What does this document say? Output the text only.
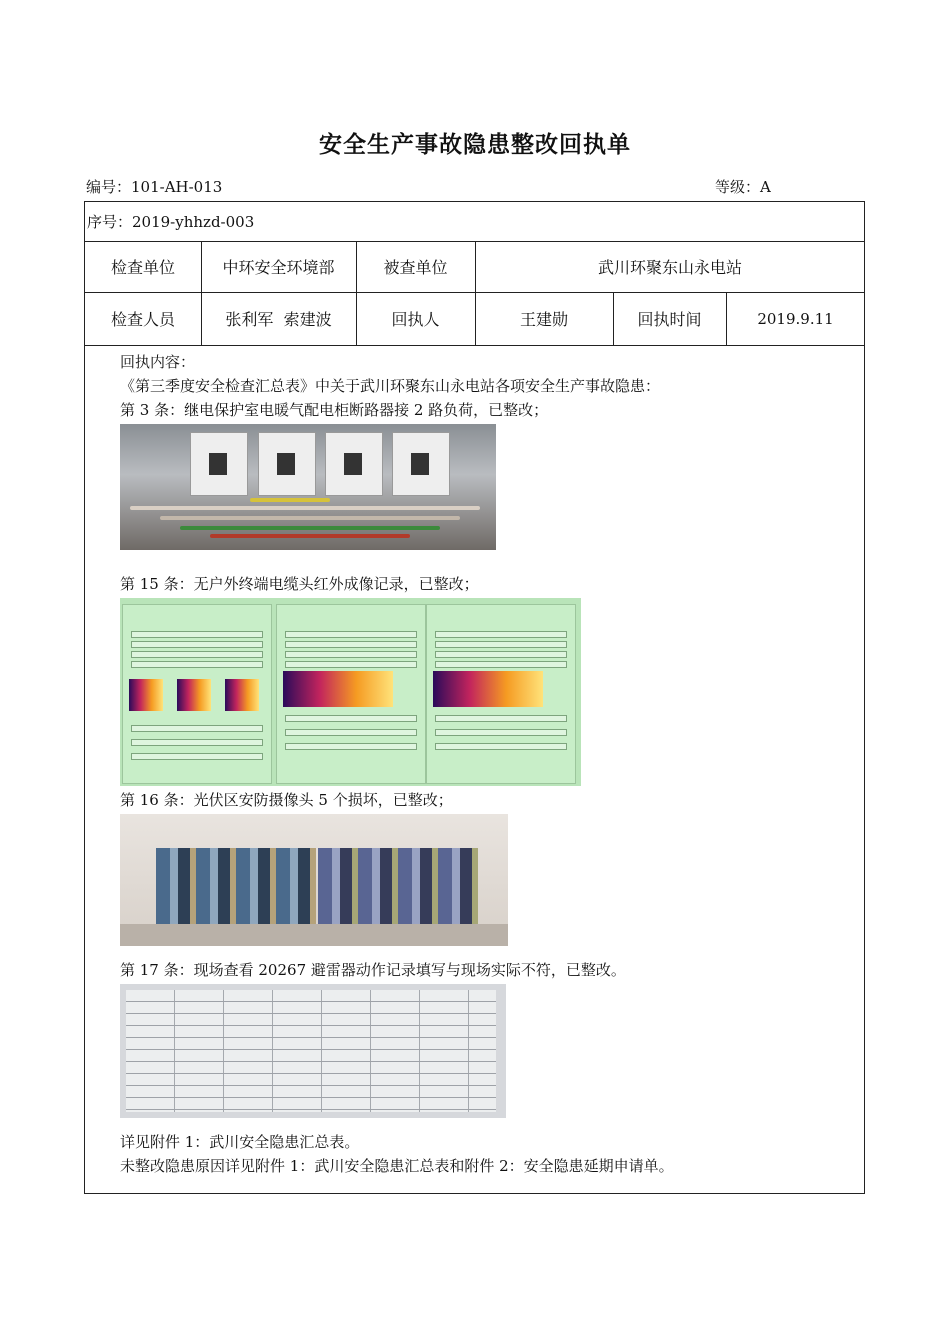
安全生产事故隐患整改回执单
编号：101-AH-013	等级：A
序号：2019-yhhzd-003
检查单位	中环安全环境部	被查单位	武川环聚东山永电站
检查人员	张利军  索建波	回执人	王建勋	回执时间	2019.9.11

回执内容：

《第三季度安全检查汇总表》中关于武川环聚东山永电站各项安全生产事故隐患：

第 3 条：继电保护室电暖气配电柜断路器接 2 路负荷，已整改；

第 15 条：无户外终端电缆头红外成像记录，已整改；

第 16 条：光伏区安防摄像头 5 个损坏，已整改；

第 17 条：现场查看 20267 避雷器动作记录填写与现场实际不符，已整改。

详见附件 1：武川安全隐患汇总表。

未整改隐患原因详见附件 1：武川安全隐患汇总表和附件 2：安全隐患延期申请单。
